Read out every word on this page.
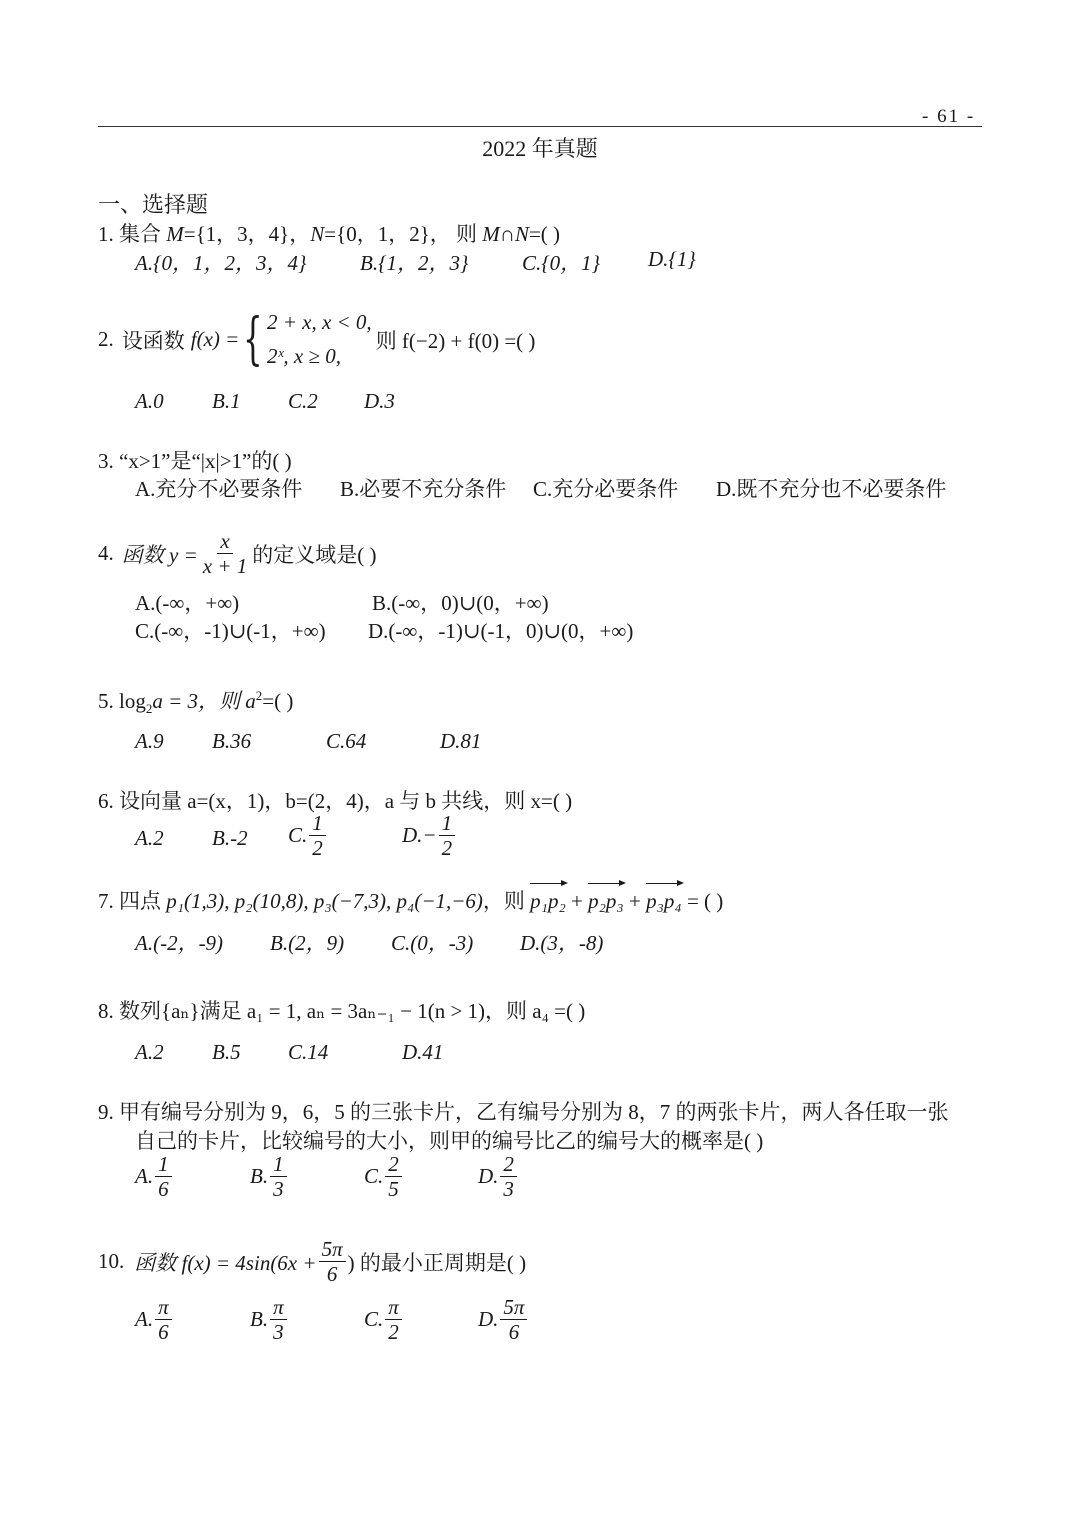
- 61 -
2022 年真题
一、选择题
1. 集合 M={1，3，4}，N={0，1，2}， 则 M∩N=( )
A.{0，1，2，3，4}	B.{1，2，3}	C.{0，1} D.{1}
2. 设函数 f(x) = { 2 + x, x < 0,
2ˣ, x ≥ 0,
则 f(−2) + f(0) =( )
A.0 B.1 C.2 D.3
3. “x>1”是“|x|>1”的( )
A.充分不必要条件 B.必要不充分条件 C.充分必要条件 D.既不充分也不必要条件
4. 函数 $y = \frac{x}{x + 1}$ 的定义域是( )
A.(-∞，+∞)	B.(-∞，0)∪(0，+∞)
C.(-∞，-1)∪(-1，+∞) D.(-∞，-1)∪(-1，0)∪(0，+∞)
5. $\log_2a = 3$，则 $a^2=$( )
A.9 B.36	C.64	D.81
6. 设向量 a=(x，1)，b=(2，4)，a 与 b 共线，则 x=( )
A.2 B.-2 C. $\frac{1}{2}$	$D.- \frac{1}{2}$
7. 四点 p₁(1,3), p₂(10,8), p₃(−7,3), p₄(−1,−6)，则 p₁p₂ + p₂p₃ + p₃p₄ = ( )
A.(-2，-9) B.(2，9) C.(0，-3) D.(3，-8)
8. 数列{aₙ}满足 a₁ = 1, aₙ = 3aₙ₋₁ − 1(n > 1)，则 a₄ =( )
A.2 B.5 C.14	D.41
9. 甲有编号分别为 9，6，5 的三张卡片，乙有编号分别为 8，7 的两张卡片，两人各任取一张
自己的卡片，比较编号的大小，则甲的编号比乙的编号大的概率是( )
A. $\frac{1}{6}$	B. $\frac{1}{3}$	C. $\frac{2}{5}$	D. $\frac{2}{3}$
10. 函数 $f(x) = 4\sin(6x + \frac{5\pi}{6}$ ) 的最小正周期是( )
A. $\frac{\pi}{6}$	B. $\frac{\pi}{3}$	C. $\frac{\pi}{2}$	D. $\frac{5\pi}{6}$
